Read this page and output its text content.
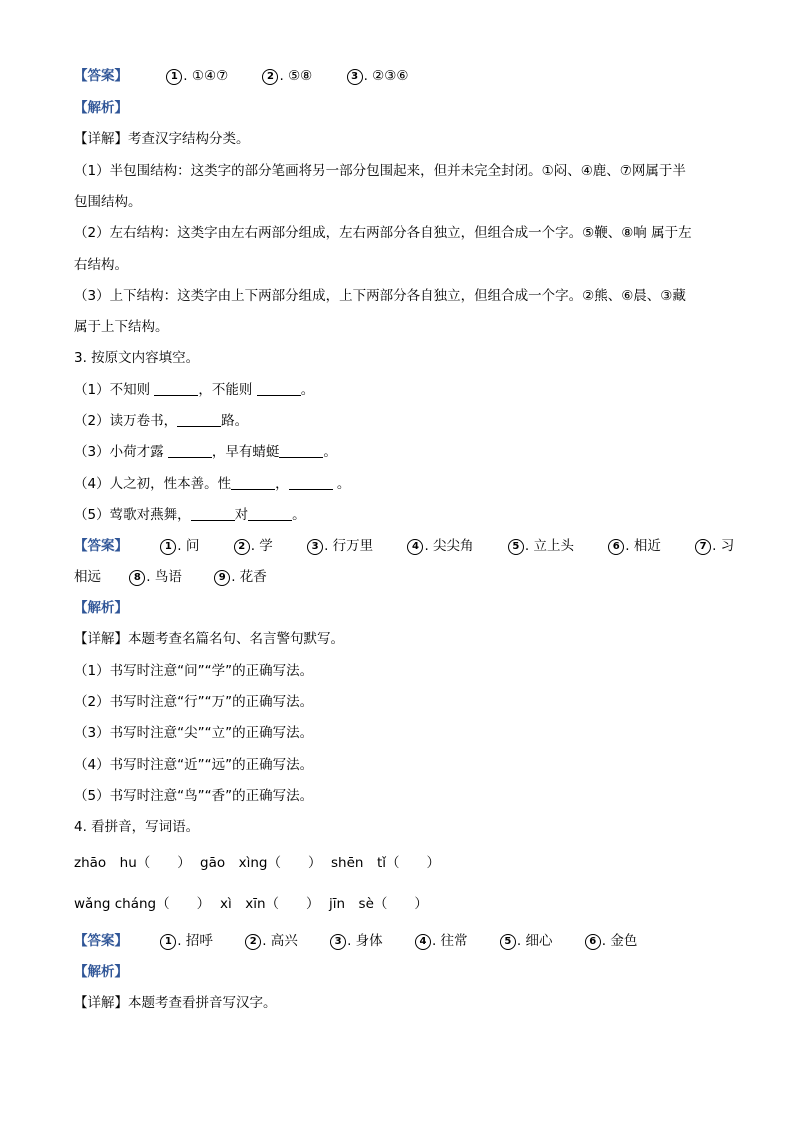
【答案】	1 . ①④⑦	2 . ⑤⑧	3 . ②③⑥
【解析】
【详解】考查汉字结构分类。
（1）半包围结构：这类字的部分笔画将另一部分包围起来，但并未完全封闭。①闷、④鹿、⑦网属于半
包围结构。
（2）左右结构：这类字由左右两部分组成，左右两部分各自独立，但组合成一个字。⑤鞭、⑧响 属于左
右结构。
（3）上下结构：这类字由上下两部分组成，上下两部分各自独立，但组合成一个字。②熊、⑥晨、③藏
属于上下结构。
3. 按原文内容填空。
（1）不知则	，不能则	。
（2）读万卷书，	路。
（3）小荷才露	，早有蜻蜓	。
（4）人之初，性本善。性	，	。
（5）莺歌对燕舞，	对	。
【答案】	1 . 问	2 . 学	3 . 行万里	4 . 尖尖角	5 . 立上头	6 . 相近	7 . 习
相远	8 . 鸟语	9 . 花香
【解析】
【详解】本题考查名篇名句、名言警句默写。
（1）书写时注意“问”“学”的正确写法。
（2）书写时注意“行”“万”的正确写法。
（3）书写时注意“尖”“立”的正确写法。
（4）书写时注意“近”“远”的正确写法。
（5）书写时注意“鸟”“香”的正确写法。
4. 看拼音，写词语。
zhāo　hu（　　） gāo　xìng（　　） shēn　tǐ（　　）
wǎng cháng（　　） xì　xīn（　　） jīn　sè（　　）
【答案】	1 . 招呼	2 . 高兴	3 . 身体	4 . 往常	5 . 细心	6 . 金色
【解析】
【详解】本题考查看拼音写汉字。
